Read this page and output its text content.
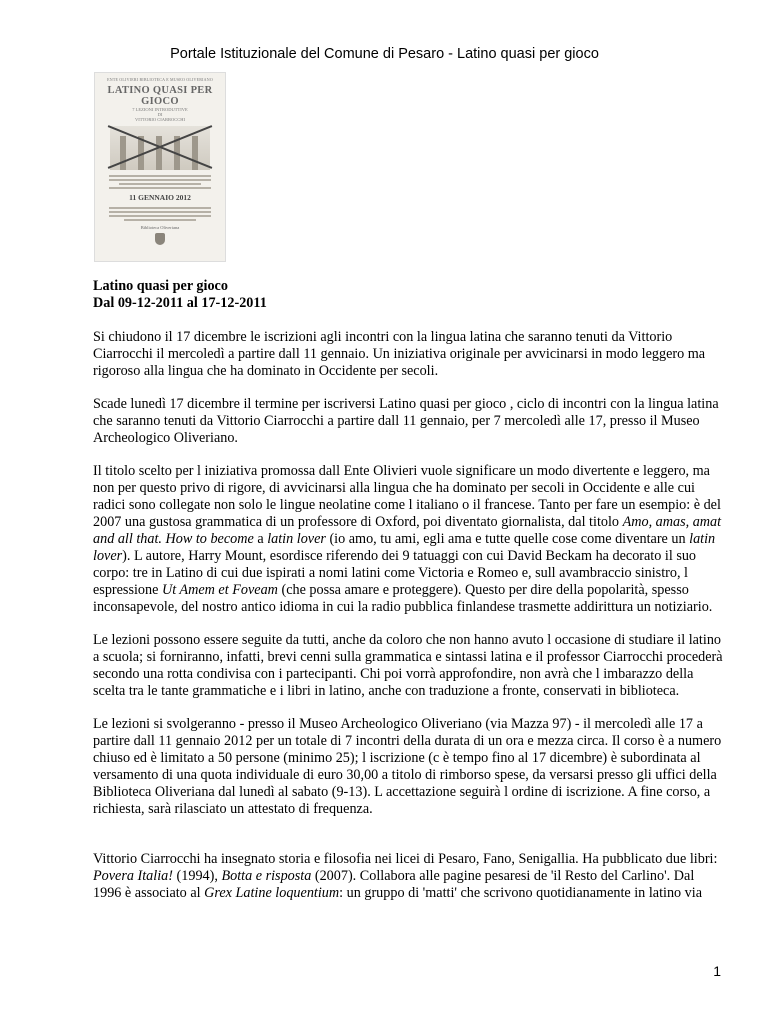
Portale Istituzionale del Comune di Pesaro - Latino quasi per gioco
ENTE OLIVIERI BIBLIOTECA E MUSEO OLIVERIANO
LATINO QUASI PER GIOCO
7 LEZIONI INTRODUTTIVE
DI
VITTORIO CIARROCCHI
11 GENNAIO 2012
Biblioteca Oliveriana
Latino quasi per gioco
Dal 09-12-2011 al 17-12-2011

Si chiudono il 17 dicembre le iscrizioni agli incontri con la lingua latina che saranno tenuti da Vittorio Ciarrocchi il mercoledì a partire dall 11 gennaio. Un iniziativa originale per avvicinarsi in modo leggero ma rigoroso alla lingua che ha dominato in Occidente per secoli.

Scade lunedì 17 dicembre il termine per iscriversi Latino quasi per gioco , ciclo di incontri con la lingua latina che saranno tenuti da Vittorio Ciarrocchi a partire dall 11 gennaio, per 7 mercoledì alle 17, presso il Museo Archeologico Oliveriano.

Il titolo scelto per l iniziativa promossa dall Ente Olivieri vuole significare un modo divertente e leggero, ma non per questo privo di rigore, di avvicinarsi alla lingua che ha dominato per secoli in Occidente e alle cui radici sono collegate non solo le lingue neolatine come l italiano o il francese. Tanto per fare un esempio: è del 2007 una gustosa grammatica di un professore di Oxford, poi diventato giornalista, dal titolo Amo, amas, amat and all that. How to become a latin lover (io amo, tu ami, egli ama e tutte quelle cose come diventare un latin lover). L autore, Harry Mount, esordisce riferendo dei 9 tatuaggi con cui David Beckam ha decorato il suo corpo: tre in Latino di cui due ispirati a nomi latini come Victoria e Romeo e, sull avambraccio sinistro, l espressione Ut Amem et Foveam (che possa amare e proteggere). Questo per dire della popolarità, spesso inconsapevole, del nostro antico idioma in cui la radio pubblica finlandese trasmette addirittura un notiziario.

Le lezioni possono essere seguite da tutti, anche da coloro che non hanno avuto l occasione di studiare il latino a scuola; si forniranno, infatti, brevi cenni sulla grammatica e sintassi latina e il professor Ciarrocchi procederà secondo una rotta condivisa con i partecipanti. Chi poi vorrà approfondire, non avrà che l imbarazzo della scelta tra le tante grammatiche e i libri in latino, anche con traduzione a fronte, conservati in biblioteca.

Le lezioni si svolgeranno - presso il Museo Archeologico Oliveriano (via Mazza 97) - il mercoledì alle 17 a partire dall 11 gennaio 2012 per un totale di 7 incontri della durata di un ora e mezza circa. Il corso è a numero chiuso ed è limitato a 50 persone (minimo 25); l iscrizione (c è tempo fino al 17 dicembre) è subordinata al versamento di una quota individuale di euro 30,00 a titolo di rimborso spese, da versarsi presso gli uffici della Biblioteca Oliveriana dal lunedì al sabato (9-13). L accettazione seguirà l ordine di iscrizione. A fine corso, a richiesta, sarà rilasciato un attestato di frequenza.

Vittorio Ciarrocchi ha insegnato storia e filosofia nei licei di Pesaro, Fano, Senigallia. Ha pubblicato due libri: Povera Italia! (1994), Botta e risposta (2007). Collabora alle pagine pesaresi de 'il Resto del Carlino'. Dal 1996 è associato al Grex Latine loquentium: un gruppo di 'matti' che scrivono quotidianamente in latino via

1
